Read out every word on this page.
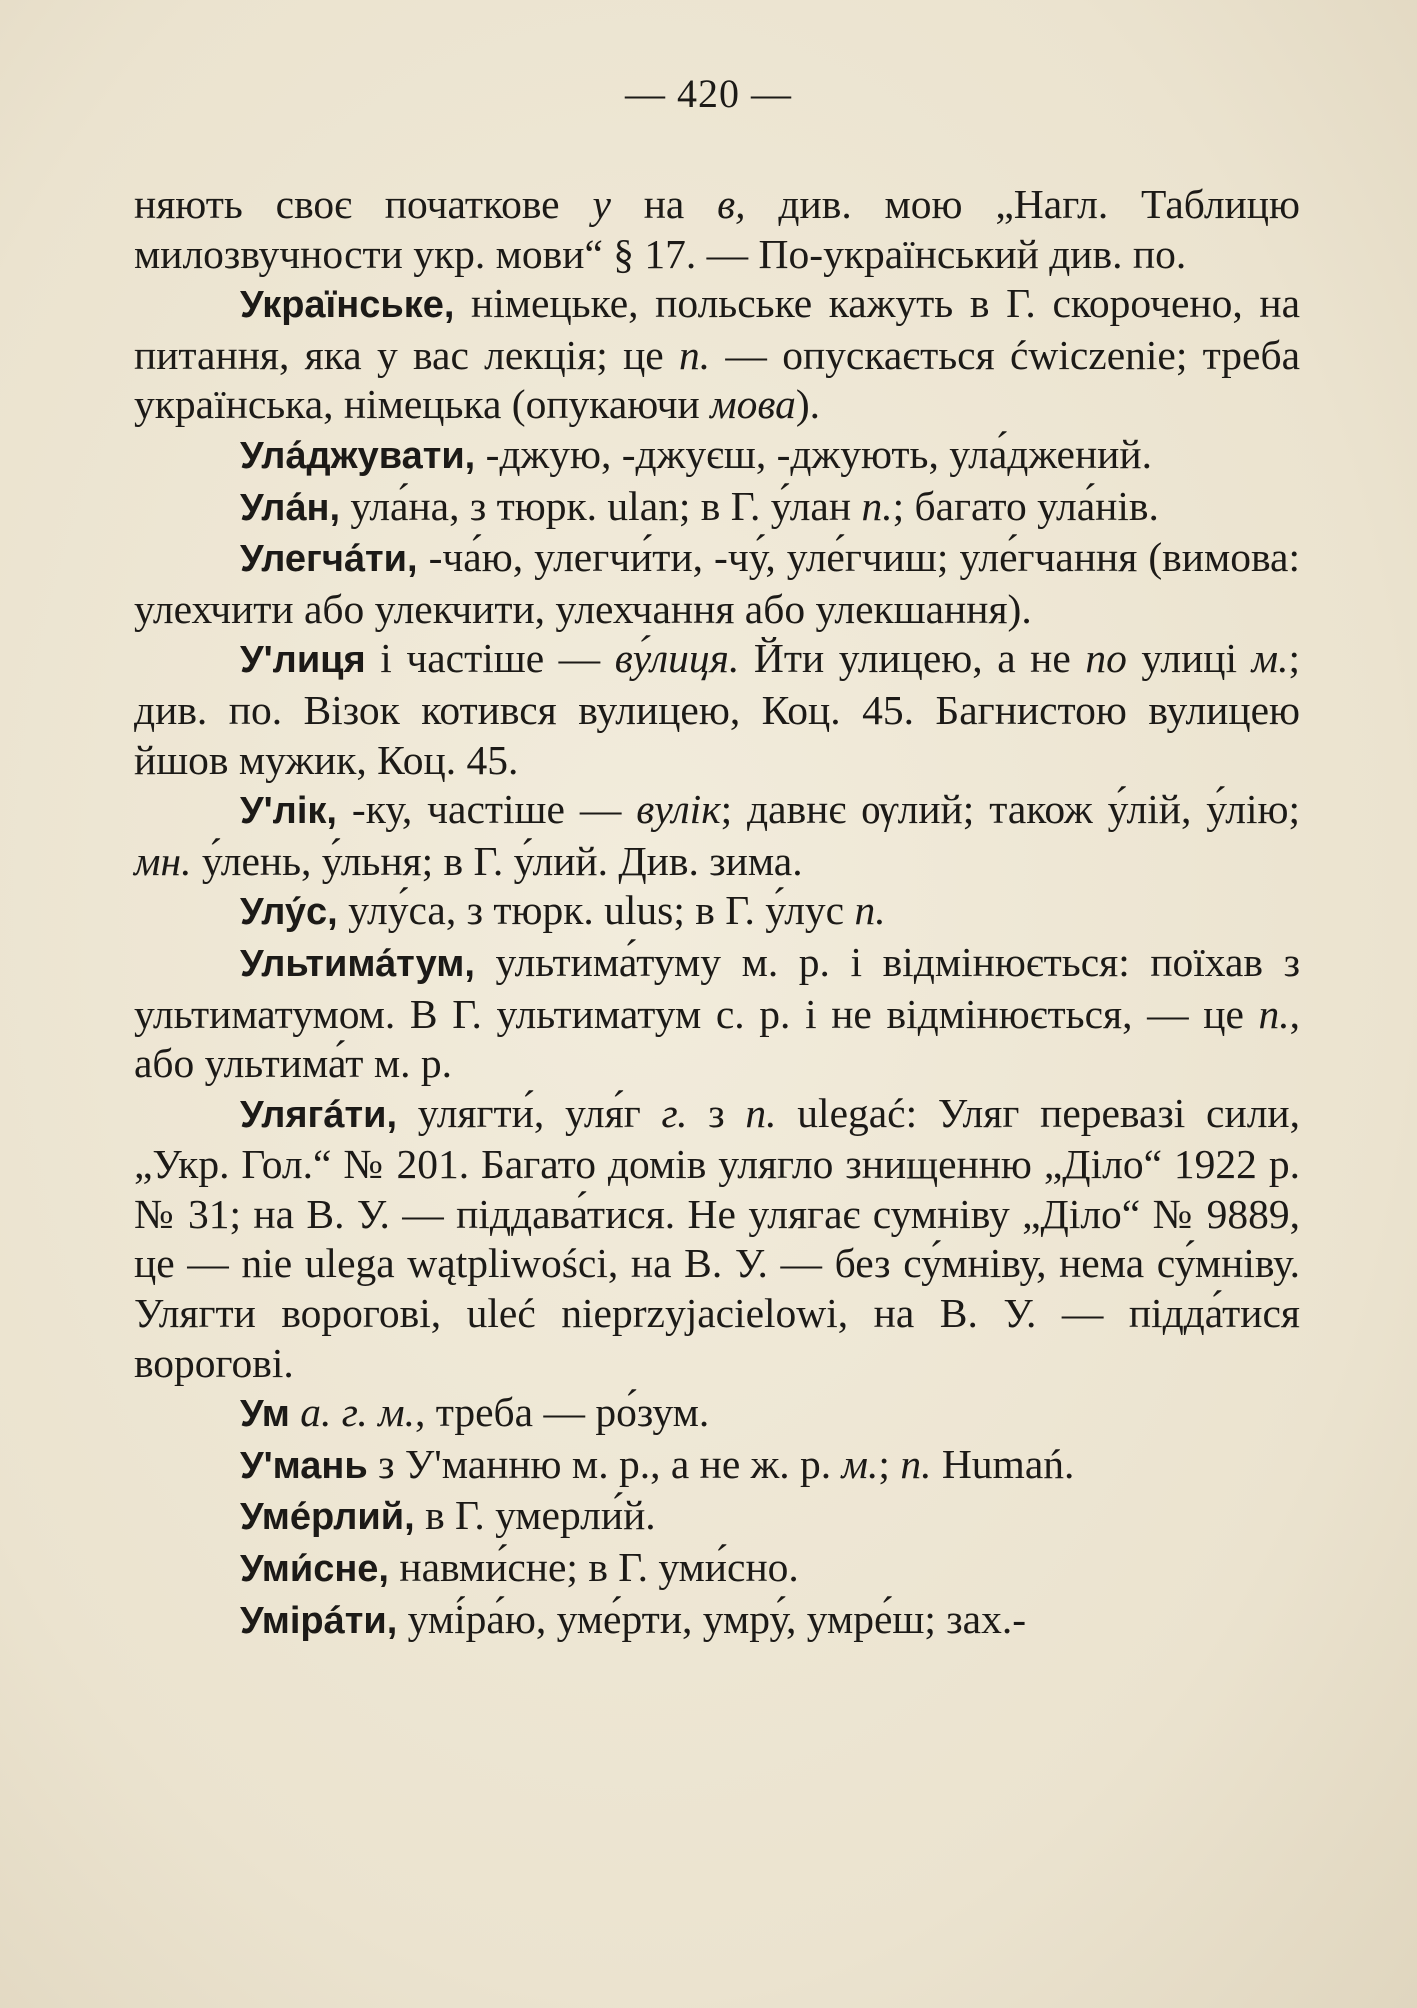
— 420 —

няють своє початкове у на в, див. мою „Нагл. Таблицю милозвучности укр. мови“ § 17. — По-український див. по.

Українське, німецьке, польське кажуть в Г. скорочено, на питання, яка у вас лекція; це п. — опускається ćwiczenie; треба українська, німецька (опукаючи мова).

Ула́джувати, -джую, -джуєш, -джують, ула́джений.

Ула́н, ула́на, з тюрк. ulan; в Г. у́лан п.; багато ула́нів.

Улегча́ти, -ча́ю, улегчи́ти, -чу́, уле́гчиш; уле́гчання (вимова: улехчити або улекчити, улехчання або улекшання).

У'лиця і частіше — ву́лиця. Йти улицею, а не по улиці м.; див. по. Візок котився вулицею, Коц. 45. Багнистою вулицею йшов мужик, Коц. 45.

У'лік, -ку, частіше — вулік; давнє ѹлий; також у́лій, у́лію; мн. у́лень, у́льня; в Г. у́лий. Див. зима.

Улу́с, улу́са, з тюрк. ulus; в Г. у́лус п.

Ультима́тум, ультима́туму м. р. і відмінюється: поїхав з ультиматумом. В Г. ультиматум с. р. і не відмінюється, — це п., або ультима́т м. р.

Улягáти, улягти́, уля́г г. з п. ulegać: Уляг перевазі сили, „Укр. Гол.“ № 201. Багато домів улягло знищенню „Діло“ 1922 р. № 31; на В. У. — піддава́тися. Не улягає сумніву „Діло“ № 9889, це — nie ulega wątpliwości, на В. У. — без су́мніву, нема су́мніву. Улягти ворогові, uleć nieprzyjacielowi, на В. У. — підда́тися ворогові.

Ум а. г. м., треба — ро́зум.

У'мань з У'манню м. р., а не ж. р. м.; п. Humań.

Уме́рлий, в Г. умерли́й.

Уми́сне, навми́сне; в Г. уми́сно.

Умірáти, умі́ра́ю, уме́рти, умру́, умре́ш; зах.-
